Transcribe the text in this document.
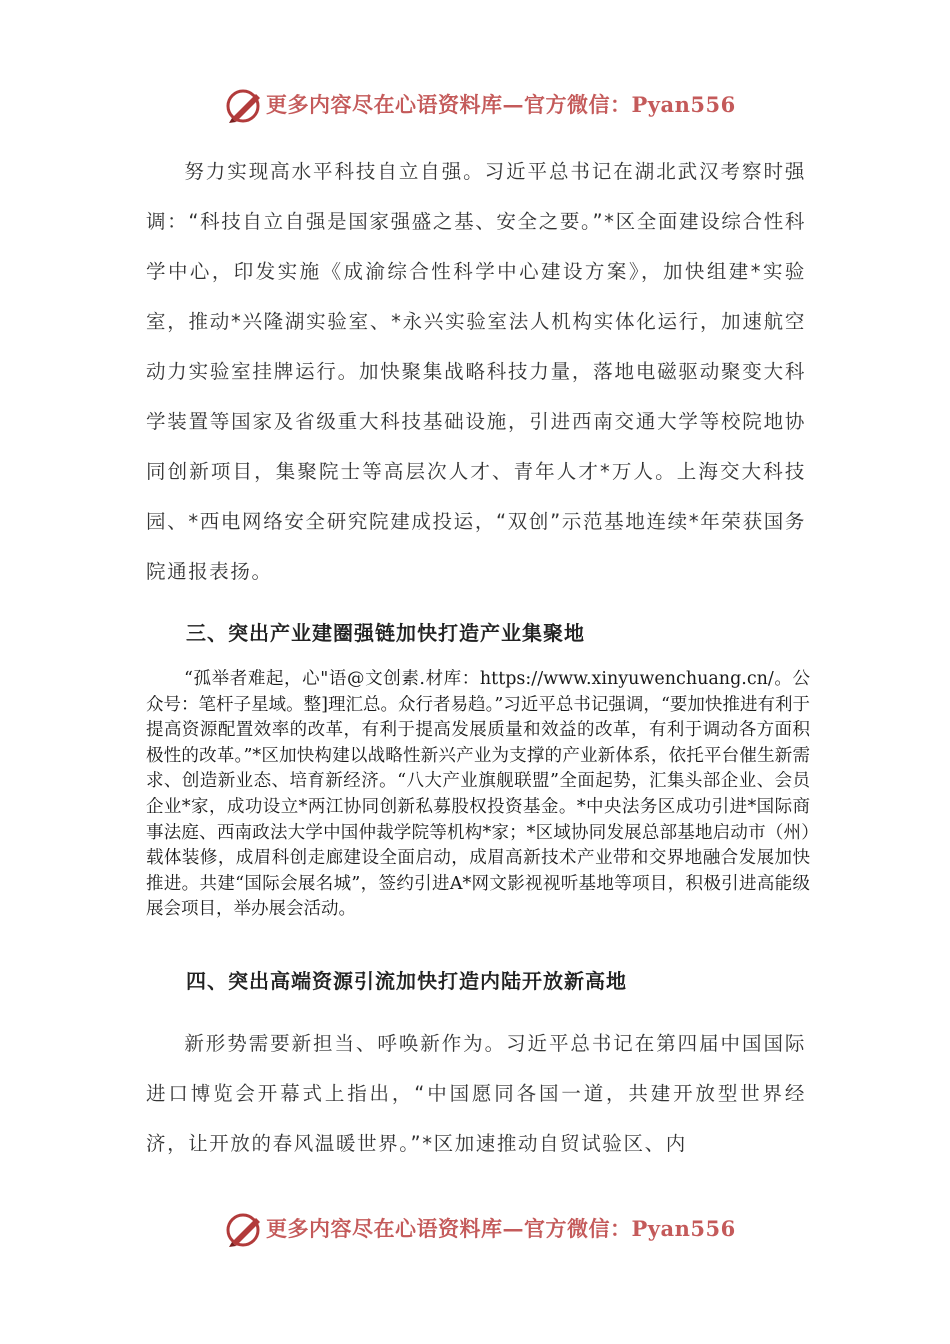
更多内容尽在心语资料库—官方微信：Pyan556
努力实现高水平科技自立自强。习近平总书记在湖北武汉考察时强调：“科技自立自强是国家强盛之基、安全之要。”*区全面建设综合性科学中心，印发实施《成渝综合性科学中心建设方案》，加快组建*实验室，推动*兴隆湖实验室、*永兴实验室法人机构实体化运行，加速航空动力实验室挂牌运行。加快聚集战略科技力量，落地电磁驱动聚变大科学装置等国家及省级重大科技基础设施，引进西南交通大学等校院地协同创新项目，集聚院士等高层次人才、青年人才*万人。上海交大科技园、*西电网络安全研究院建成投运，“双创”示范基地连续*年荣获国务院通报表扬。
三、突出产业建圈强链加快打造产业集聚地
“孤举者难起，心"语@文创素.材库：https://www.xinyuwenchuang.cn/。公众号：笔杆子星域。整]理汇总。众行者易趋。”习近平总书记强调，“要加快推进有利于提高资源配置效率的改革，有利于提高发展质量和效益的改革，有利于调动各方面积极性的改革。”*区加快构建以战略性新兴产业为支撑的产业新体系，依托平台催生新需求、创造新业态、培育新经济。“八大产业旗舰联盟”全面起势，汇集头部企业、会员企业*家，成功设立*两江协同创新私募股权投资基金。*中央法务区成功引进*国际商事法庭、西南政法大学中国仲裁学院等机构*家；*区域协同发展总部基地启动市（州）载体装修，成眉科创走廊建设全面启动，成眉高新技术产业带和交界地融合发展加快推进。共建“国际会展名城”，签约引进A*网文影视视听基地等项目，积极引进高能级展会项目，举办展会活动。
四、突出高端资源引流加快打造内陆开放新高地
新形势需要新担当、呼唤新作为。习近平总书记在第四届中国国际进口博览会开幕式上指出，“中国愿同各国一道，共建开放型世界经济，让开放的春风温暖世界。”*区加速推动自贸试验区、内
更多内容尽在心语资料库—官方微信：Pyan556
